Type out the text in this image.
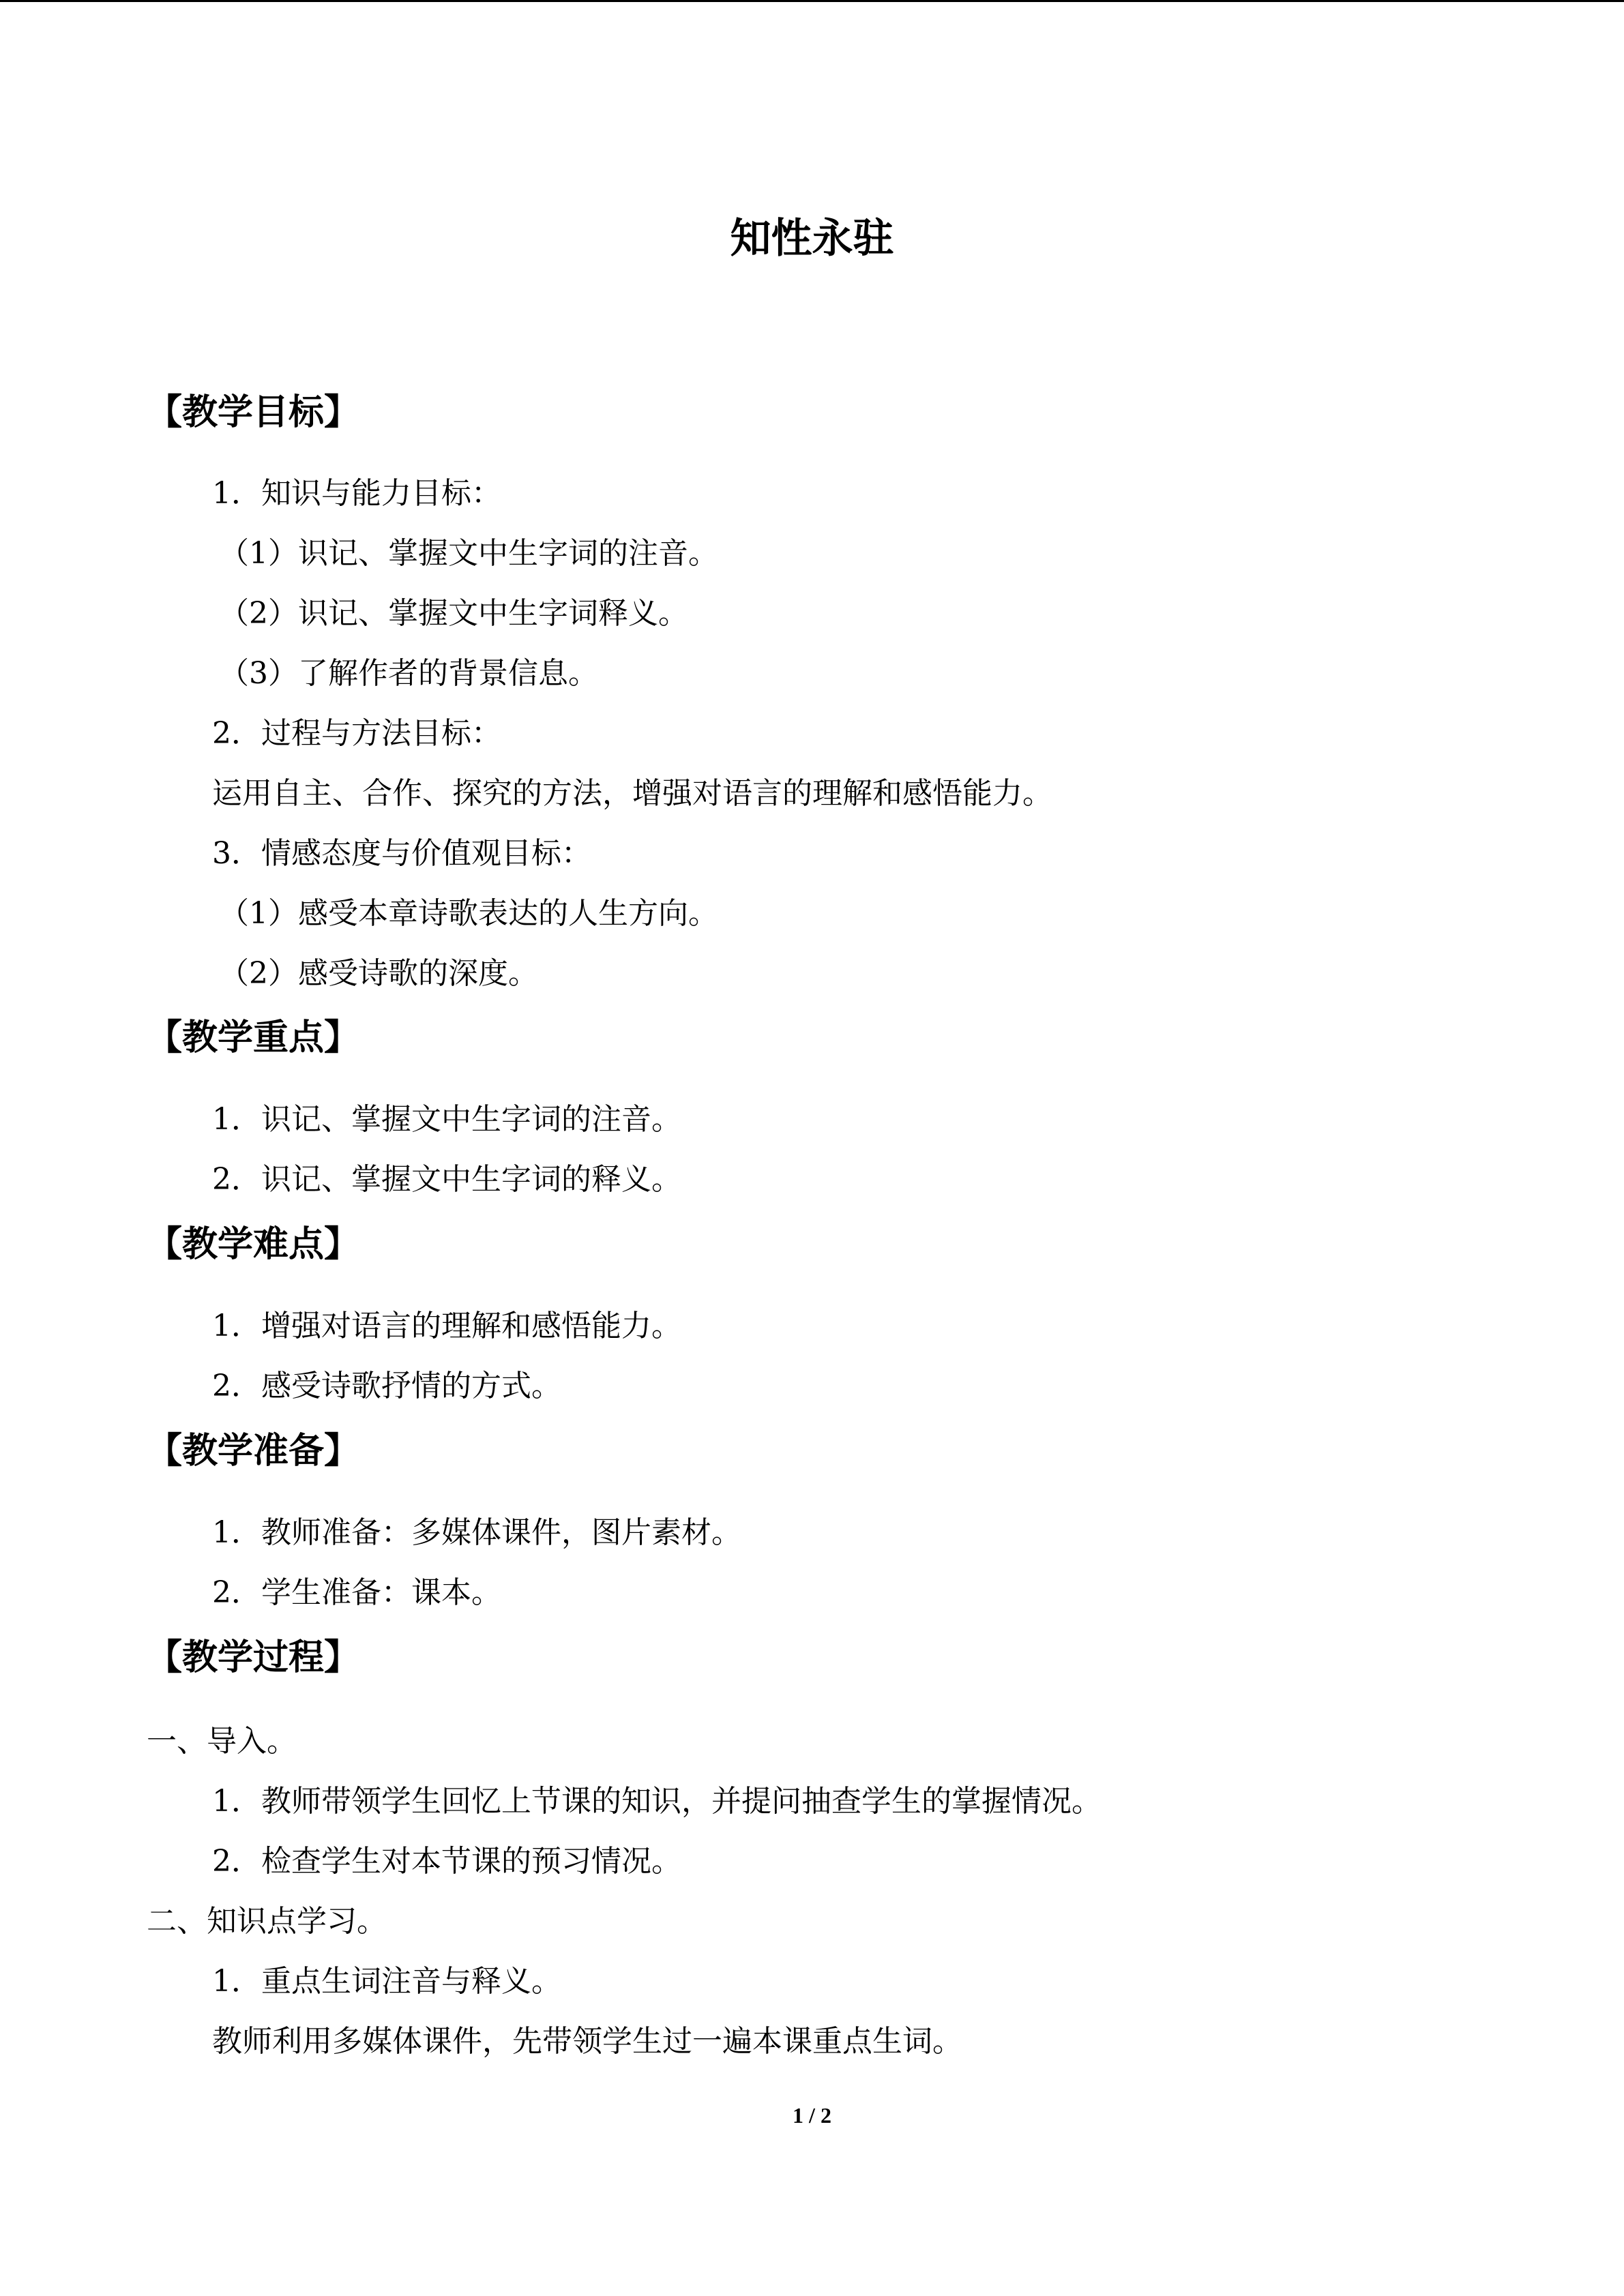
知性永驻
【教学目标】

1．知识与能力目标：

（1）识记、掌握文中生字词的注音。

（2）识记、掌握文中生字词释义。

（3）了解作者的背景信息。

2．过程与方法目标：

运用自主、合作、探究的方法，增强对语言的理解和感悟能力。

3．情感态度与价值观目标：

（1）感受本章诗歌表达的人生方向。

（2）感受诗歌的深度。

【教学重点】

1．识记、掌握文中生字词的注音。

2．识记、掌握文中生字词的释义。

【教学难点】

1．增强对语言的理解和感悟能力。

2．感受诗歌抒情的方式。

【教学准备】

1．教师准备：多媒体课件，图片素材。

2．学生准备：课本。

【教学过程】

一、导入。

1．教师带领学生回忆上节课的知识，并提问抽查学生的掌握情况。

2．检查学生对本节课的预习情况。

二、知识点学习。

1．重点生词注音与释义。

教师利用多媒体课件，先带领学生过一遍本课重点生词。

1 / 2
